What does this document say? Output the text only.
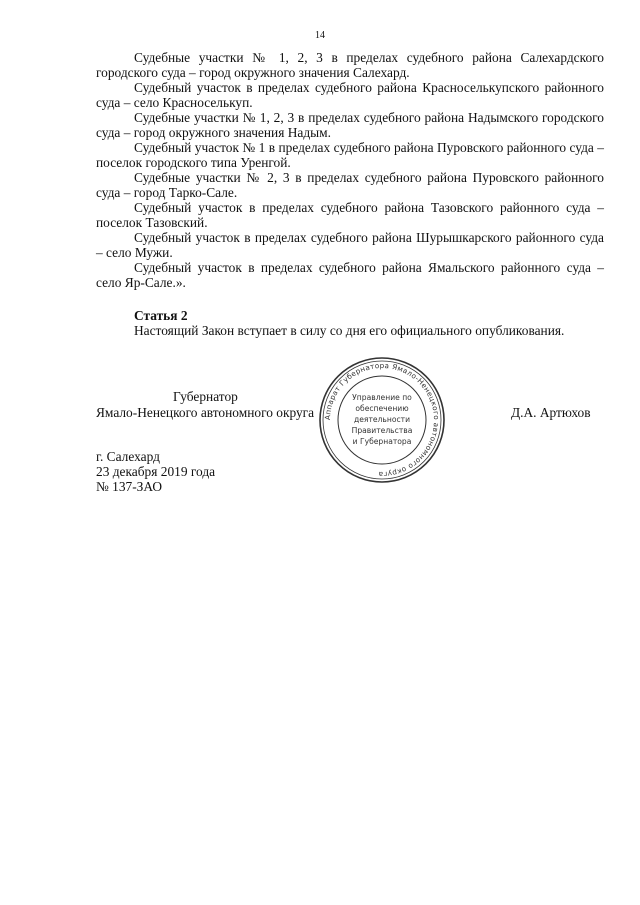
14

Судебные участки № 1, 2, 3 в пределах судебного района Салехардского городского суда – город окружного значения Салехард.

Судебный участок в пределах судебного района Красноселькупского районного суда – село Красноселькуп.

Судебные участки № 1, 2, 3 в пределах судебного района Надымского городского суда – город окружного значения Надым.

Судебный участок № 1 в пределах судебного района Пуровского районного суда – поселок городского типа Уренгой.

Судебные участки № 2, 3 в пределах судебного района Пуровского районного суда – город Тарко-Сале.

Судебный участок в пределах судебного района Тазовского районного суда – поселок Тазовский.

Судебный участок в пределах судебного района Шурышкарского районного суда – село Мужи.

Судебный участок в пределах судебного района Ямальского районного суда – село Яр-Сале.».

Статья 2

Настоящий Закон вступает в силу со дня его официального опубликования.

Аппарат Губернатора Ямало-Ненецкого автономного округа
Управление по
обеспечению
деятельности
Правительства
и Губернатора
Губернатор
Ямало-Ненецкого автономного округа	Д.А. Артюхов
г. Салехард
23 декабря 2019 года
№ 137-ЗАО
